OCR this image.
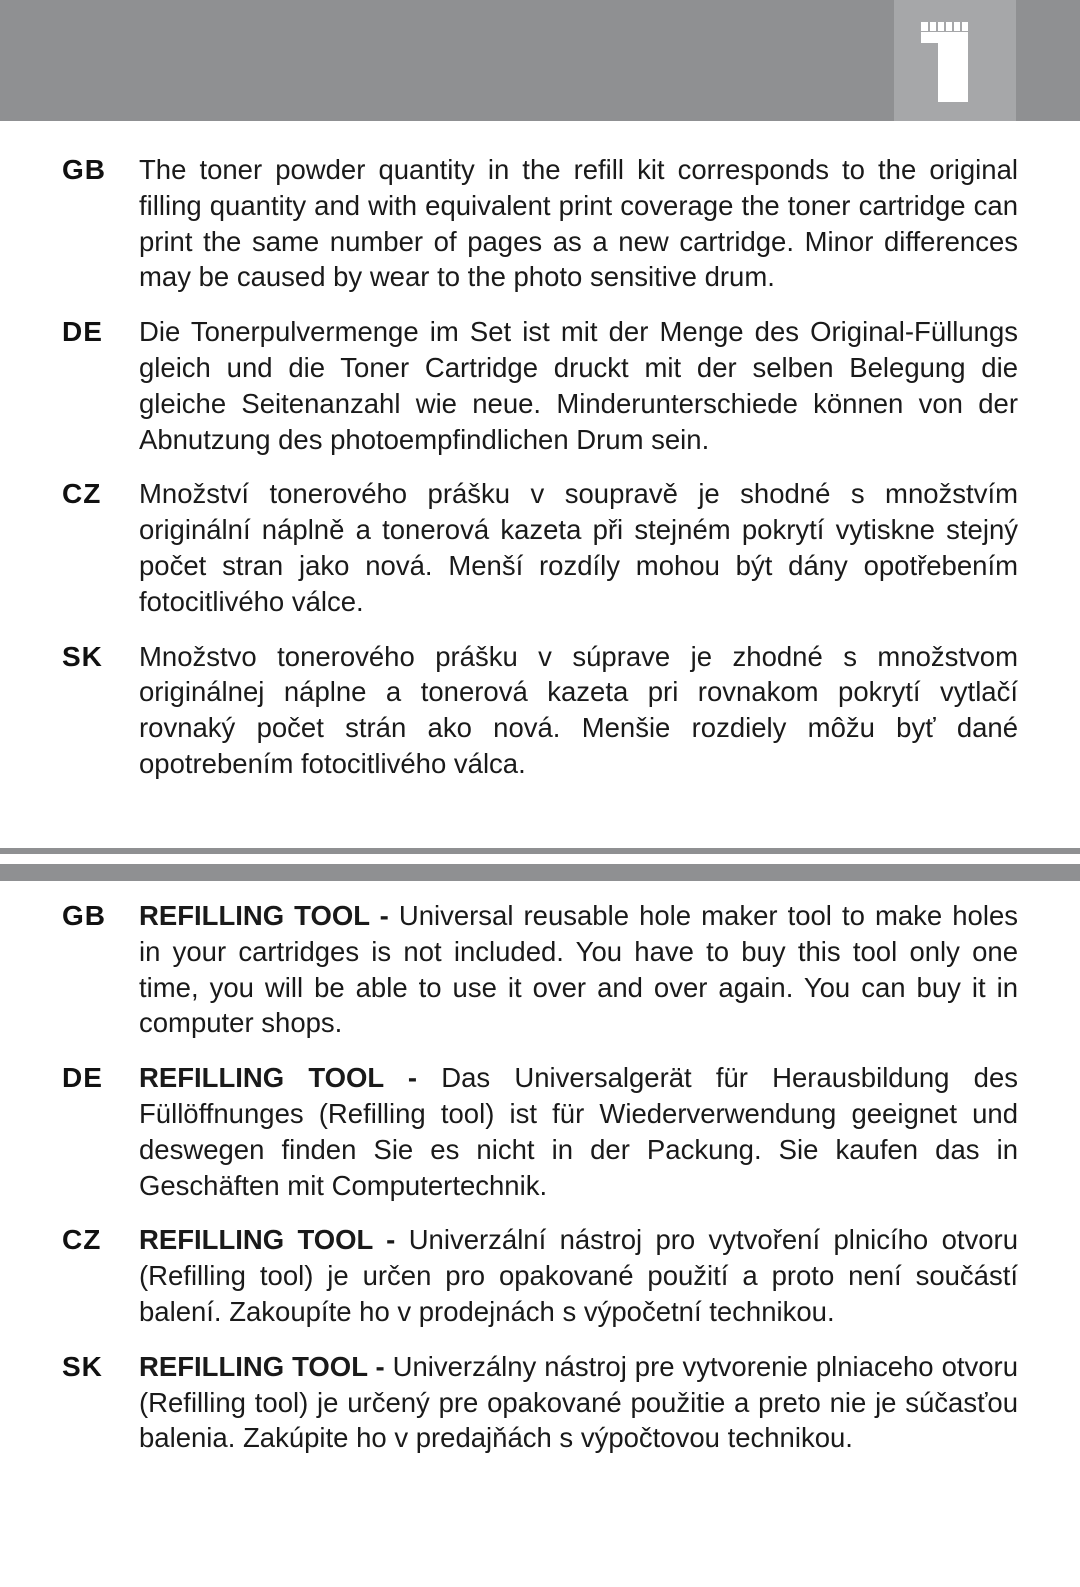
GB The toner powder quantity in the refill kit corresponds to the original filling quantity and with equivalent print coverage the toner cartridge can print the same number of pages as a new cartridge. Minor differences may be caused by wear to the photo sensitive drum.

DE Die Tonerpulvermenge im Set ist mit der Menge des Original-Füllungs gleich und die Toner Cartridge druckt mit der selben Belegung die gleiche Seitenanzahl wie neue. Minderunterschiede können von der Abnutzung des photoempfindlichen Drum sein.

CZ Množství tonerového prášku v soupravě je shodné s množstvím originální náplně a tonerová kazeta při stejném pokrytí vytiskne stejný počet stran jako nová. Menší rozdíly mohou být dány opotřebením fotocitlivého válce.

SK Množstvo tonerového prášku v súprave je zhodné s množstvom originálnej náplne a tonerová kazeta pri rovnakom pokrytí vytlačí rovnaký počet strán ako nová. Menšie rozdiely môžu byť dané opotrebením fotocitlivého válca.

GB REFILLING TOOL - Universal reusable hole maker tool to make holes in your cartridges is not included. You have to buy this tool only one time, you will be able to use it over and over again. You can buy it in computer shops.

DE REFILLING TOOL - Das Universalgerät für Herausbildung des Füllöffnunges (Refilling tool) ist für Wiederverwendung geeignet und deswegen finden Sie es nicht in der Packung. Sie kaufen das in Geschäften mit Computertechnik.

CZ REFILLING TOOL - Univerzální nástroj pro vytvoření plnicího otvoru (Refilling tool) je určen pro opakované použití a proto není součástí balení. Zakoupíte ho v prodejnách s výpočetní technikou.

SK REFILLING TOOL - Univerzálny nástroj pre vytvorenie plniaceho otvoru (Refilling tool) je určený pre opakované použitie a preto nie je súčasťou balenia. Zakúpite ho v predajňách s výpočtovou technikou.
